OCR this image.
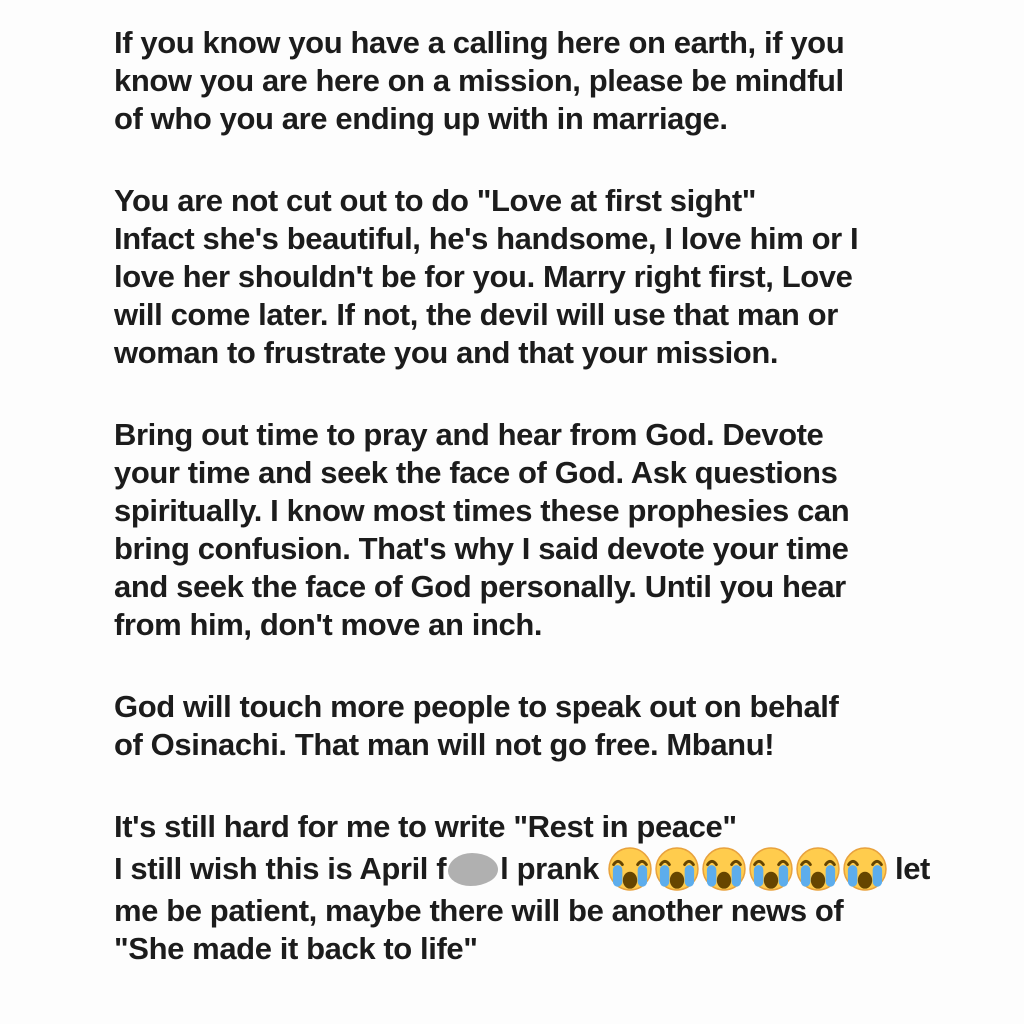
If you know you have a calling here on earth, if you
know you are here on a mission, please be mindful
of who you are ending up with in marriage.
You are not cut out to do "Love at first sight"
Infact she's beautiful, he's handsome, I love him or I
love her shouldn't be for you. Marry right first, Love
will come later. If not, the devil will use that man or
woman to frustrate you and that your mission.
Bring out time to pray and hear from God. Devote
your time and seek the face of God. Ask questions
spiritually. I know most times these prophesies can
bring confusion. That's why I said devote your time
and seek the face of God personally. Until you hear
from him, don't move an inch.
God will touch more people to speak out on behalf
of Osinachi. That man will not go free. Mbanu!
It's still hard for me to write "Rest in peace"
I still wish this is April f l prank	let
me be patient, maybe there will be another news of
"She made it back to life"
